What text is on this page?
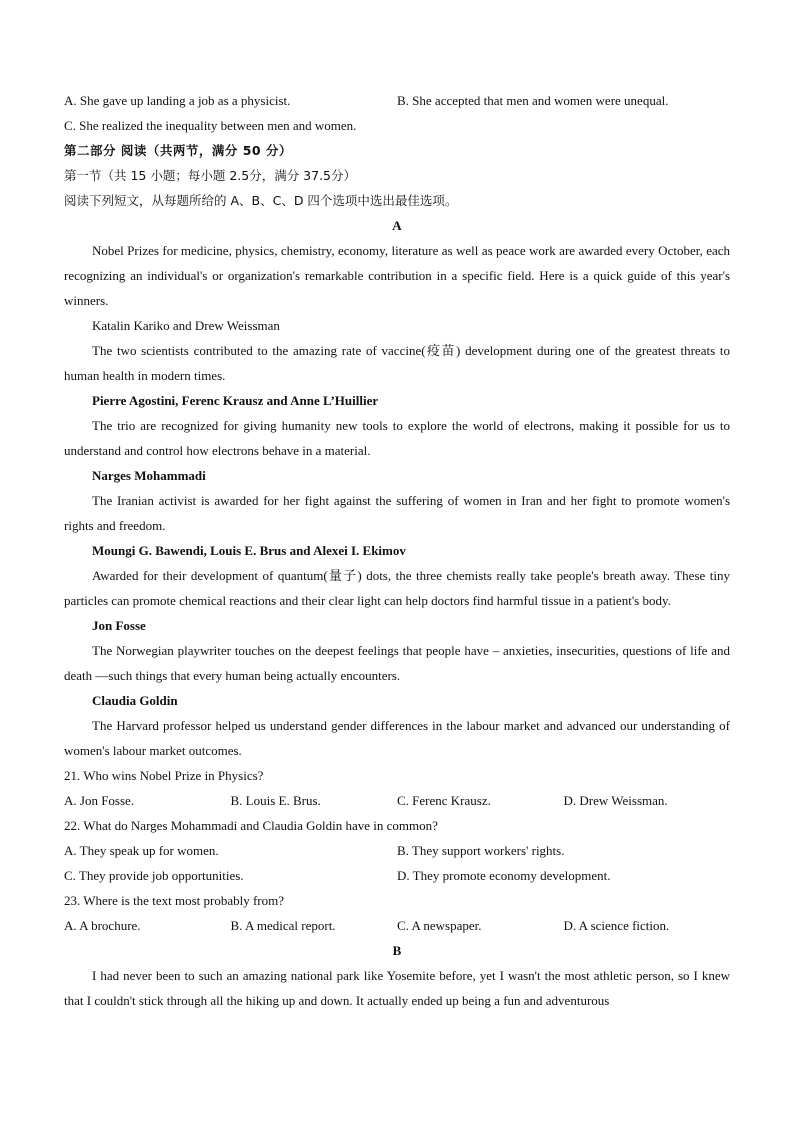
A. She gave up landing a job as a physicist.	B. She accepted that men and women were unequal.
C. She realized the inequality between men and women.
第二部分 阅读（共两节，满分 50 分）
第一节（共 15 小题；每小题 2.5分，满分 37.5分）
阅读下列短文，从每题所给的 A、B、C、D 四个选项中选出最佳选项。
A
Nobel Prizes for medicine, physics, chemistry, economy, literature as well as peace work are awarded every October, each recognizing an individual's or organization's remarkable contribution in a specific field. Here is a quick guide of this year's winners.
Katalin Kariko and Drew Weissman
The two scientists contributed to the amazing rate of vaccine(疫苗) development during one of the greatest threats to human health in modern times.
Pierre Agostini, Ferenc Krausz and Anne L’Huillier
The trio are recognized for giving humanity new tools to explore the world of electrons, making it possible for us to understand and control how electrons behave in a material.
Narges Mohammadi
The Iranian activist is awarded for her fight against the suffering of women in Iran and her fight to promote women's rights and freedom.
Moungi G. Bawendi, Louis E. Brus and Alexei I. Ekimov
Awarded for their development of quantum(量子) dots, the three chemists really take people's breath away. These tiny particles can promote chemical reactions and their clear light can help doctors find harmful tissue in a patient's body.
Jon Fosse
The Norwegian playwriter touches on the deepest feelings that people have – anxieties, insecurities, questions of life and death —such things that every human being actually encounters.
Claudia Goldin
The Harvard professor helped us understand gender differences in the labour market and advanced our understanding of women's labour market outcomes.
21. Who wins Nobel Prize in Physics?
A. Jon Fosse.	B. Louis E. Brus.	C. Ferenc Krausz.	D. Drew Weissman.
22. What do Narges Mohammadi and Claudia Goldin have in common?
A. They speak up for women.	B. They support workers' rights.
C. They provide job opportunities.	D. They promote economy development.
23. Where is the text most probably from?
A. A brochure.	B. A medical report.	C. A newspaper.	D. A science fiction.
B
I had never been to such an amazing national park like Yosemite before, yet I wasn't the most athletic person, so I knew that I couldn't stick through all the hiking up and down. It actually ended up being a fun and adventurous
